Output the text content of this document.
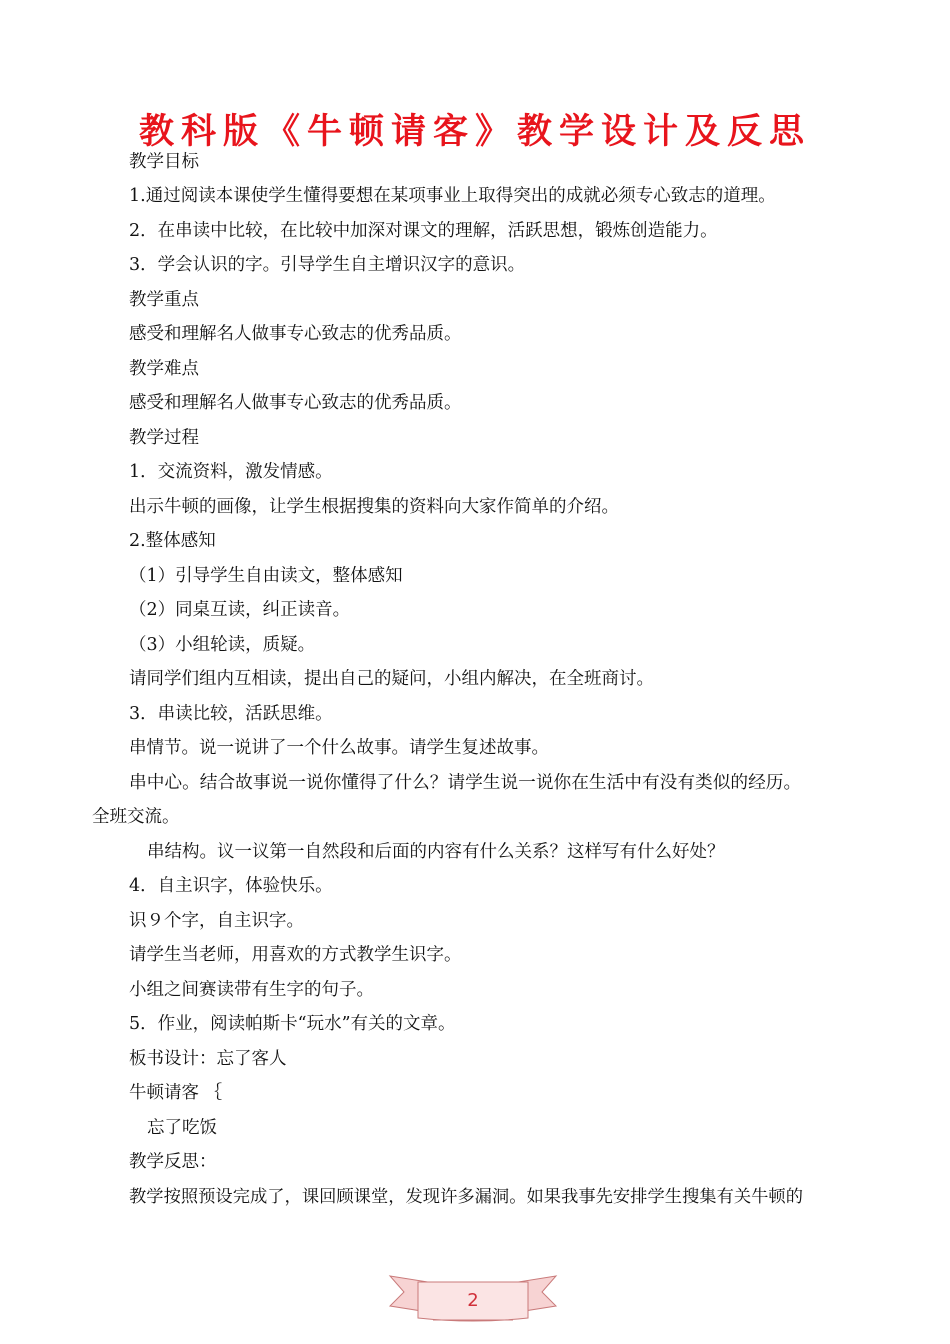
教科版《牛顿请客》教学设计及反思
教学目标
1.通过阅读本课使学生懂得要想在某项事业上取得突出的成就必须专心致志的道理。
2．在串读中比较，在比较中加深对课文的理解，活跃思想，锻炼创造能力。
3．学会认识的字。引导学生自主增识汉字的意识。
教学重点
感受和理解名人做事专心致志的优秀品质。
教学难点
感受和理解名人做事专心致志的优秀品质。
教学过程
1．交流资料，激发情感。
出示牛顿的画像，让学生根据搜集的资料向大家作简单的介绍。
2.整体感知
（1）引导学生自由读文，整体感知
（2）同桌互读，纠正读音。
（3）小组轮读，质疑。
请同学们组内互相读，提出自己的疑问，小组内解决，在全班商讨。
3．串读比较，活跃思维。
串情节。说一说讲了一个什么故事。请学生复述故事。
串中心。结合故事说一说你懂得了什么？请学生说一说你在生活中有没有类似的经历。
全班交流。
串结构。议一议第一自然段和后面的内容有什么关系？这样写有什么好处？
4．自主识字，体验快乐。
识９个字，自主识字。
请学生当老师，用喜欢的方式教学生识字。
小组之间赛读带有生字的句子。
5．作业，阅读帕斯卡“玩水”有关的文章。
板书设计：忘了客人
牛顿请客 ｛
忘了吃饭
教学反思：
教学按照预设完成了，课回顾课堂，发现许多漏洞。如果我事先安排学生搜集有关牛顿的
2
